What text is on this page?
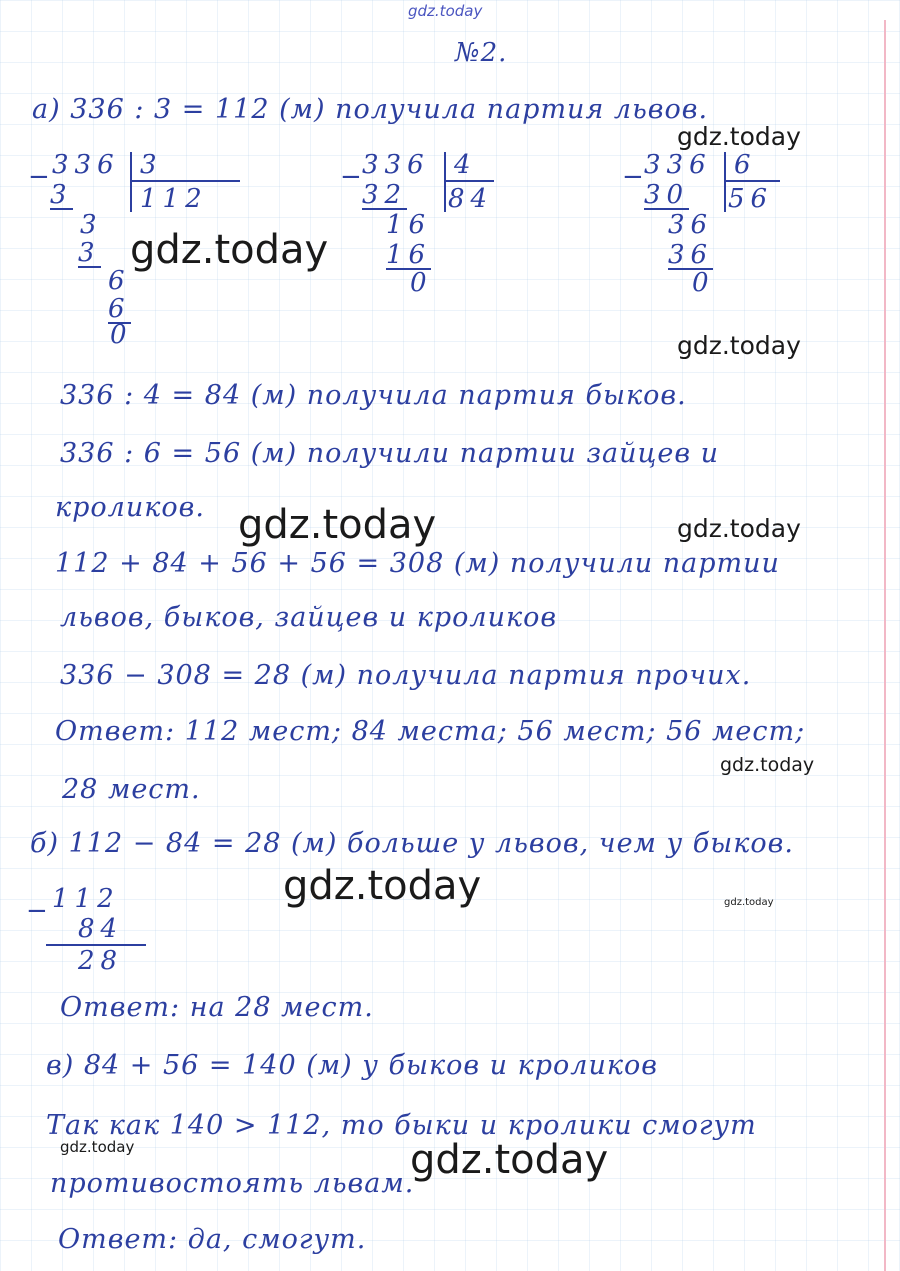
gdz.today
gdz.today
gdz.today
gdz.today
gdz.today
gdz.today
gdz.today
gdz.today
gdz.today
gdz.today
gdz.today
№2.
а) 336 : 3 = 112 (м) получила партия львов.
−
336
3
3
3
6
6
0
3
112
−
336
32
16
16
0
4
84
−
336
30
36
36
0
6
56
336 : 4 = 84 (м) получила партия быков.
336 : 6 = 56 (м) получили партии зайцев и
кроликов.
112 + 84 + 56 + 56 = 308 (м) получили партии
львов, быков, зайцев и кроликов
336 − 308 = 28 (м) получила партия прочих.
Ответ: 112 мест; 84 места; 56 мест; 56 мест;
28 мест.
б) 112 − 84 = 28 (м) больше у львов, чем у быков.
−
112
84
28
Ответ: на 28 мест.
в) 84 + 56 = 140 (м) у быков и кроликов
Так как 140 > 112, то быки и кролики смогут
противостоять львам.
Ответ: да, смогут.
